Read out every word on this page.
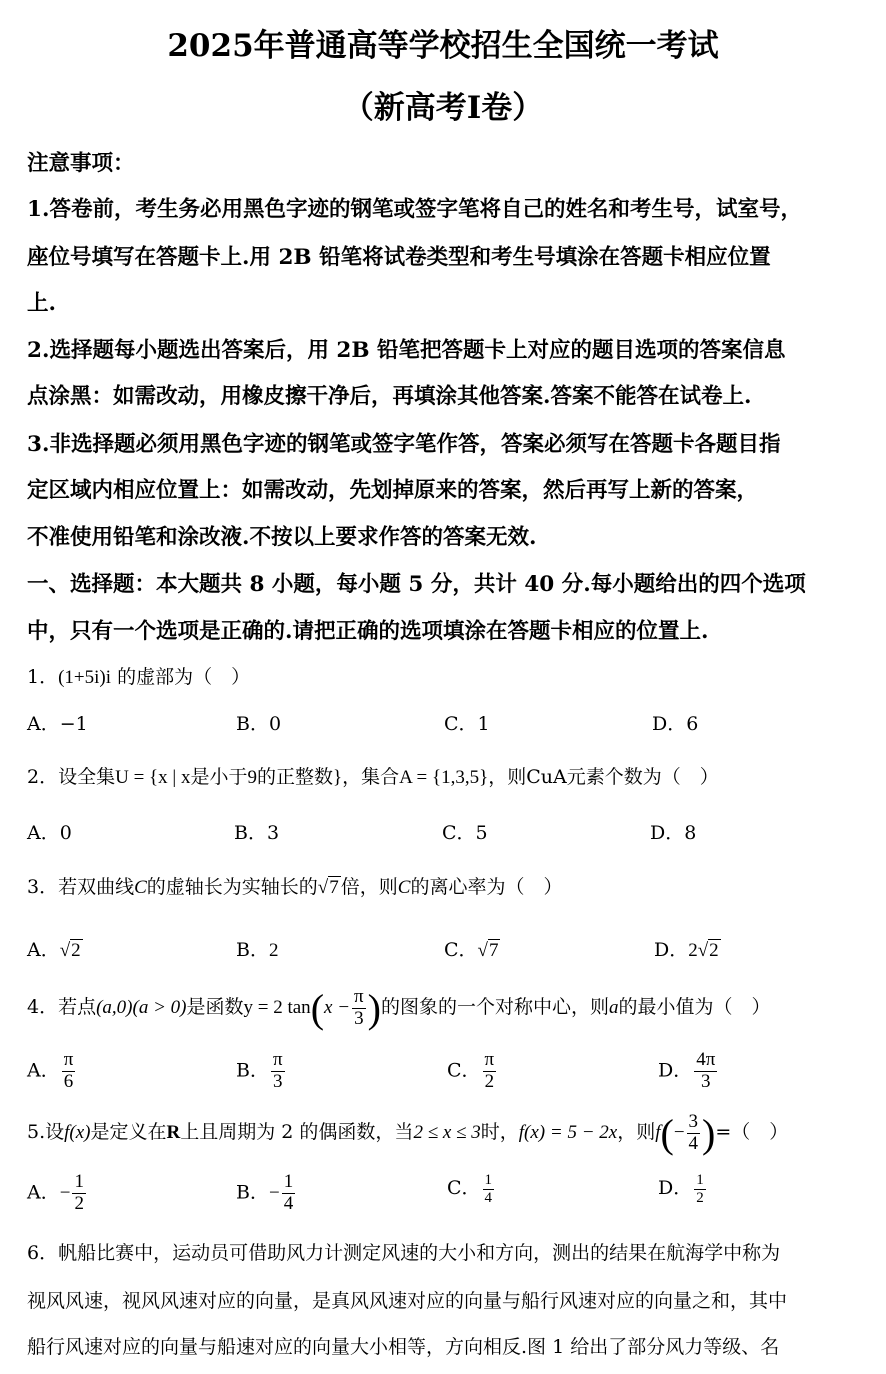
2025年普通高等学校招生全国统一考试
（新高考Ⅰ卷）
注意事项：
1.答卷前，考生务必用黑色字迹的钢笔或签字笔将自己的姓名和考生号，试室号，
座位号填写在答题卡上.用 2B 铅笔将试卷类型和考生号填涂在答题卡相应位置
上.
2.选择题每小题选出答案后，用 2B 铅笔把答题卡上对应的题目选项的答案信息
点涂黑：如需改动，用橡皮擦干净后，再填涂其他答案.答案不能答在试卷上.
3.非选择题必须用黑色字迹的钢笔或签字笔作答，答案必须写在答题卡各题目指
定区域内相应位置上：如需改动，先划掉原来的答案，然后再写上新的答案，
不准使用铅笔和涂改液.不按以上要求作答的答案无效.
一、选择题：本大题共 8 小题，每小题 5 分，共计 40 分.每小题给出的四个选项
中，只有一个选项是正确的.请把正确的选项填涂在答题卡相应的位置上.
1．(1+5i)i 的虚部为（　）
A．−1	B．0	C．1	D．6
2．设全集U = {x | x是小于9的正整数}，集合A = {1,3,5}，则CuA元素个数为（　）
A．0	B．3	C．5	D．8
3．若双曲线C的虚轴长为实轴长的√7 倍，则C的离心率为（　）
A．√2	B．2	C．√7	D．2√2
4．若点(a,0)(a > 0)是函数y = 2 $\tan(x - \frac{\pi}{3}$ )的图象的一个对称中心，则a的最小值为（　）
A． $\frac{\pi}{6}$	B． $\frac{\pi}{3}$	C． $\frac{\pi}{2}$	D． $\frac{4\pi}{3}$
5.设f(x)是定义在R上且周期为 2 的偶函数，当2 ≤ x ≤ 3时，f(x) = 5 − 2x，则$f(- \frac{3}{4}$ )=（　）
A．− $\frac{1}{2}$	B．− $\frac{1}{4}$	C． $\frac{1}{4}$	D． $\frac{1}{2}$
6．帆船比赛中，运动员可借助风力计测定风速的大小和方向，测出的结果在航海学中称为
视风风速，视风风速对应的向量，是真风风速对应的向量与船行风速对应的向量之和，其中
船行风速对应的向量与船速对应的向量大小相等，方向相反.图 1 给出了部分风力等级、名
